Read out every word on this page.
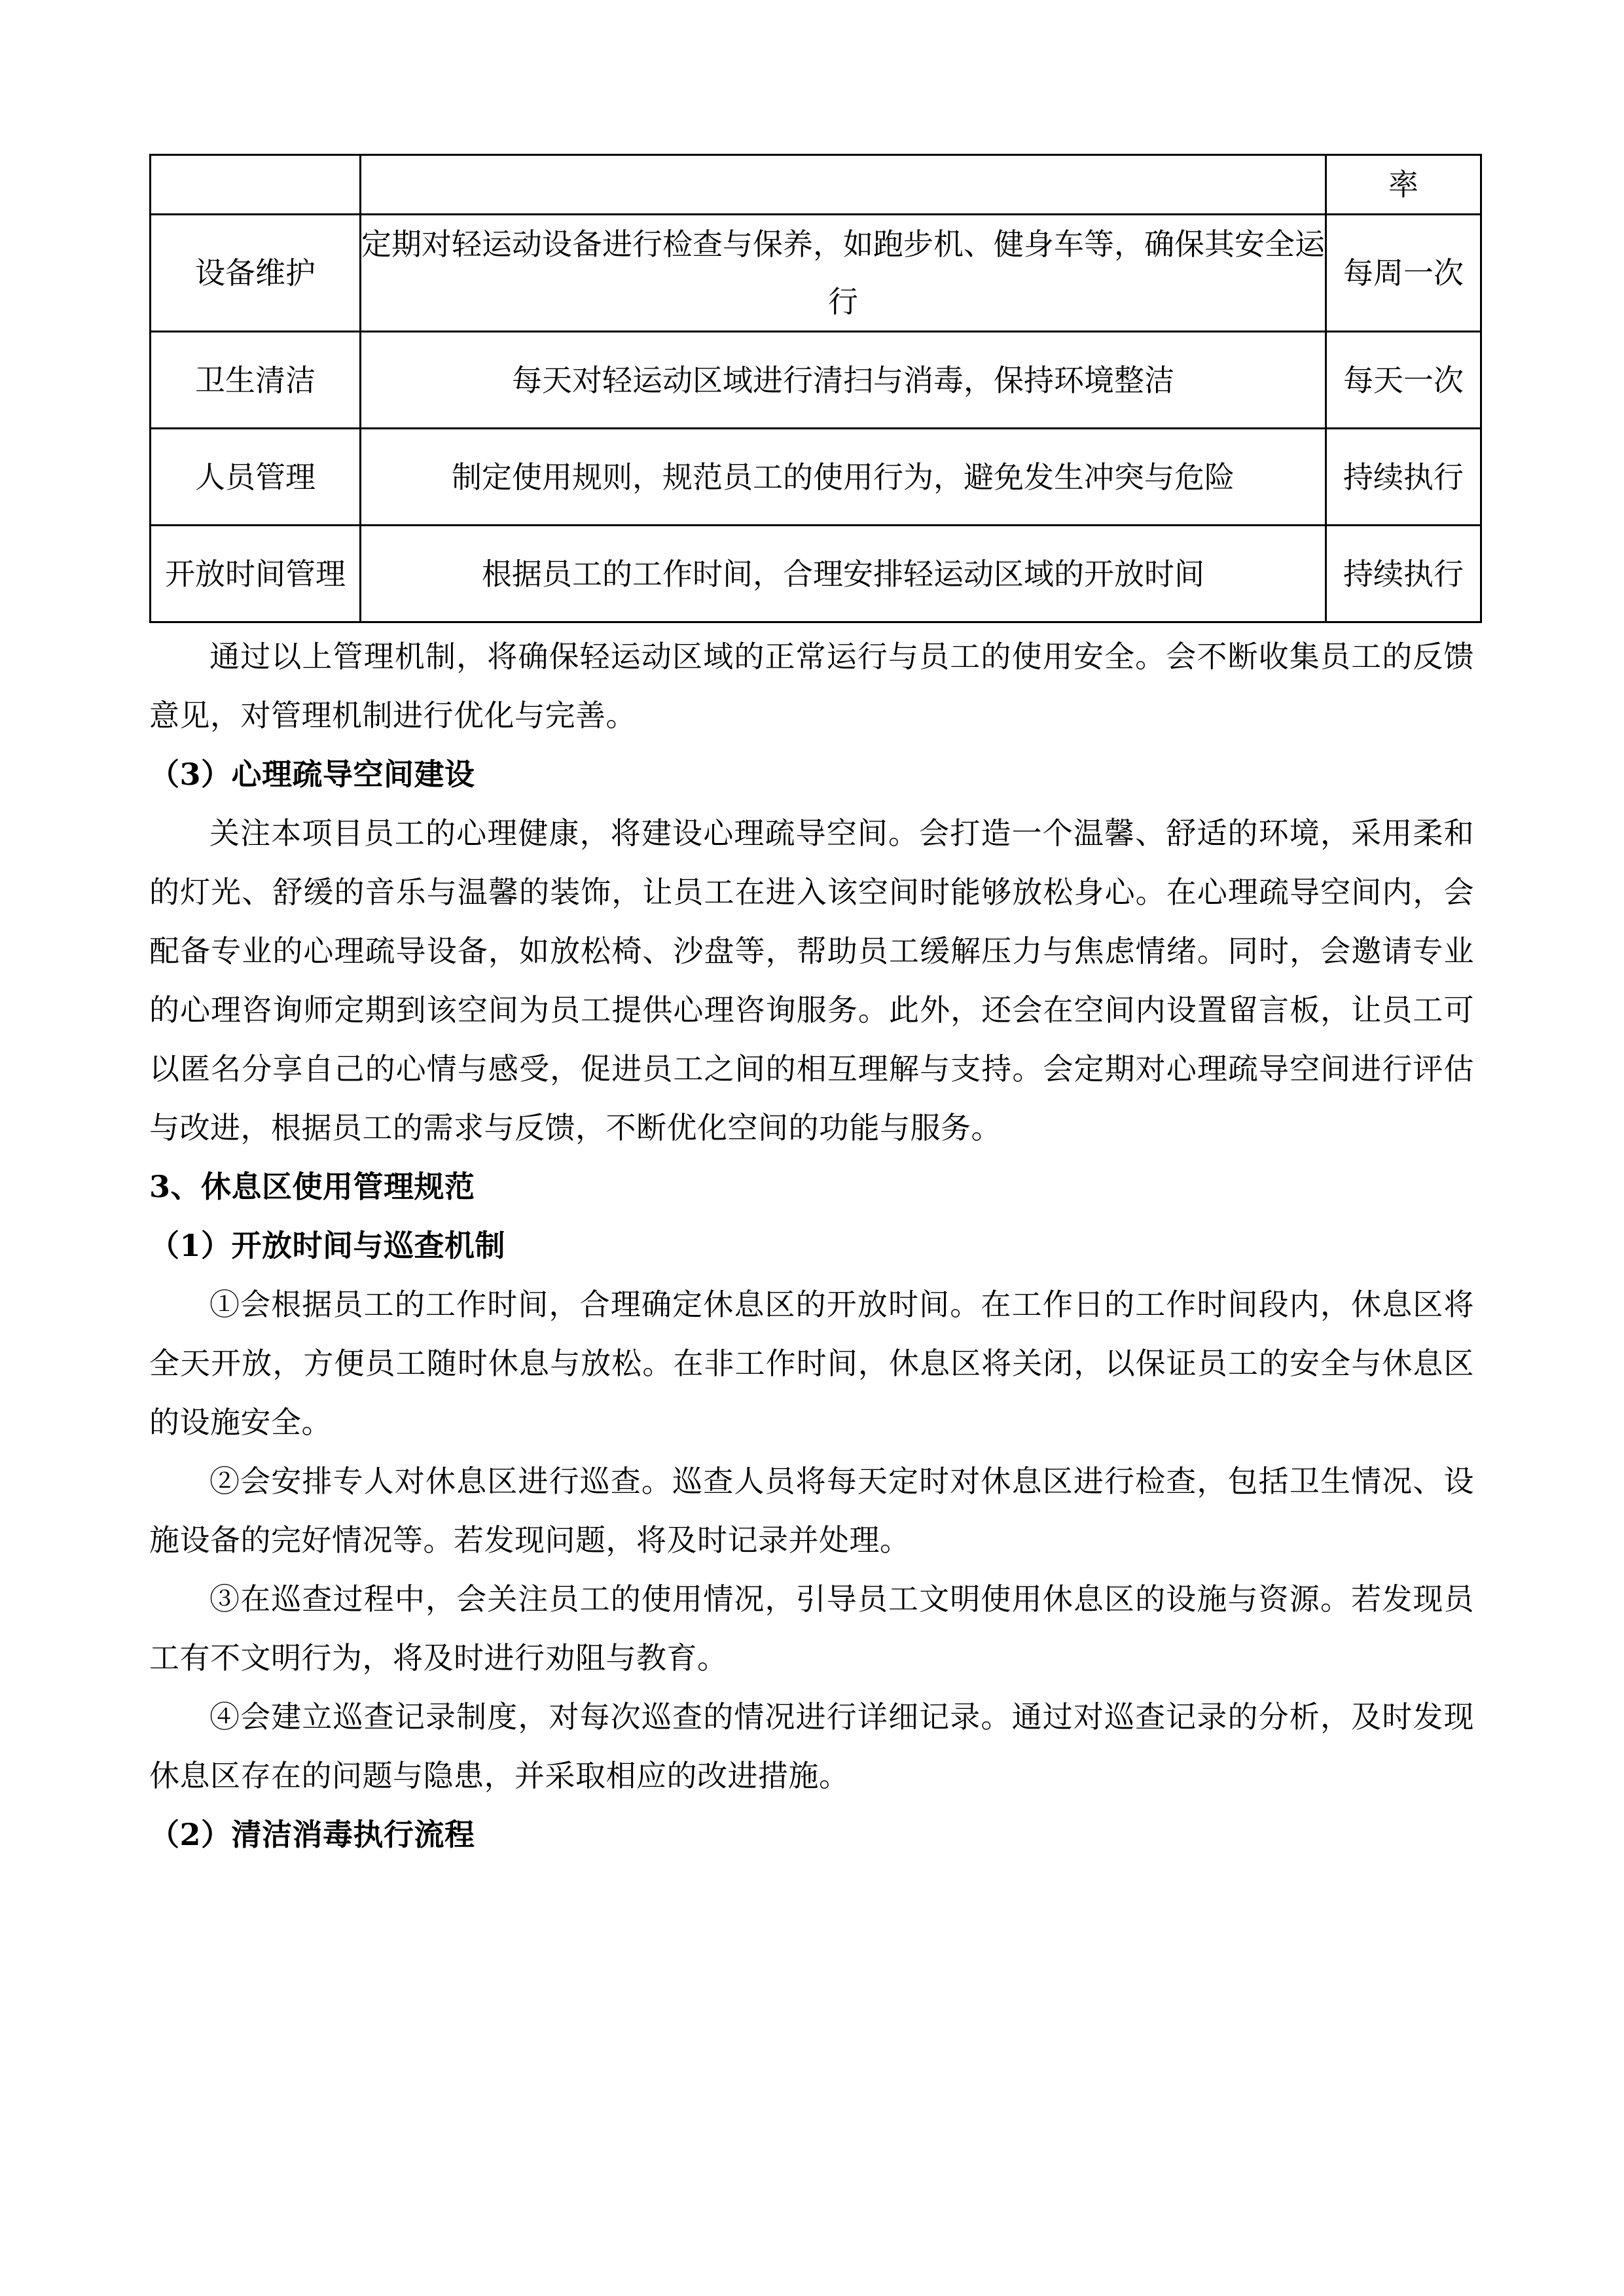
		率

设备维护	定期对轻运动设备进行检查与保养，如跑步机、健身车等，确保其安全运行	每周一次

卫生清洁	每天对轻运动区域进行清扫与消毒，保持环境整洁	每天一次

人员管理	制定使用规则，规范员工的使用行为，避免发生冲突与危险	持续执行

开放时间管理	根据员工的工作时间，合理安排轻运动区域的开放时间	持续执行

通过以上管理机制，将确保轻运动区域的正常运行与员工的使用安全。会不断收集员工的反馈意见，对管理机制进行优化与完善。

（3）心理疏导空间建设

关注本项目员工的心理健康，将建设心理疏导空间。会打造一个温馨、舒适的环境，采用柔和的灯光、舒缓的音乐与温馨的装饰，让员工在进入该空间时能够放松身心。在心理疏导空间内，会配备专业的心理疏导设备，如放松椅、沙盘等，帮助员工缓解压力与焦虑情绪。同时，会邀请专业的心理咨询师定期到该空间为员工提供心理咨询服务。此外，还会在空间内设置留言板，让员工可以匿名分享自己的心情与感受，促进员工之间的相互理解与支持。会定期对心理疏导空间进行评估与改进，根据员工的需求与反馈，不断优化空间的功能与服务。

3、休息区使用管理规范

（1）开放时间与巡查机制

①会根据员工的工作时间，合理确定休息区的开放时间。在工作日的工作时间段内，休息区将全天开放，方便员工随时休息与放松。在非工作时间，休息区将关闭，以保证员工的安全与休息区的设施安全。

②会安排专人对休息区进行巡查。巡查人员将每天定时对休息区进行检查，包括卫生情况、设施设备的完好情况等。若发现问题，将及时记录并处理。

③在巡查过程中，会关注员工的使用情况，引导员工文明使用休息区的设施与资源。若发现员工有不文明行为，将及时进行劝阻与教育。

④会建立巡查记录制度，对每次巡查的情况进行详细记录。通过对巡查记录的分析，及时发现休息区存在的问题与隐患，并采取相应的改进措施。

（2）清洁消毒执行流程
